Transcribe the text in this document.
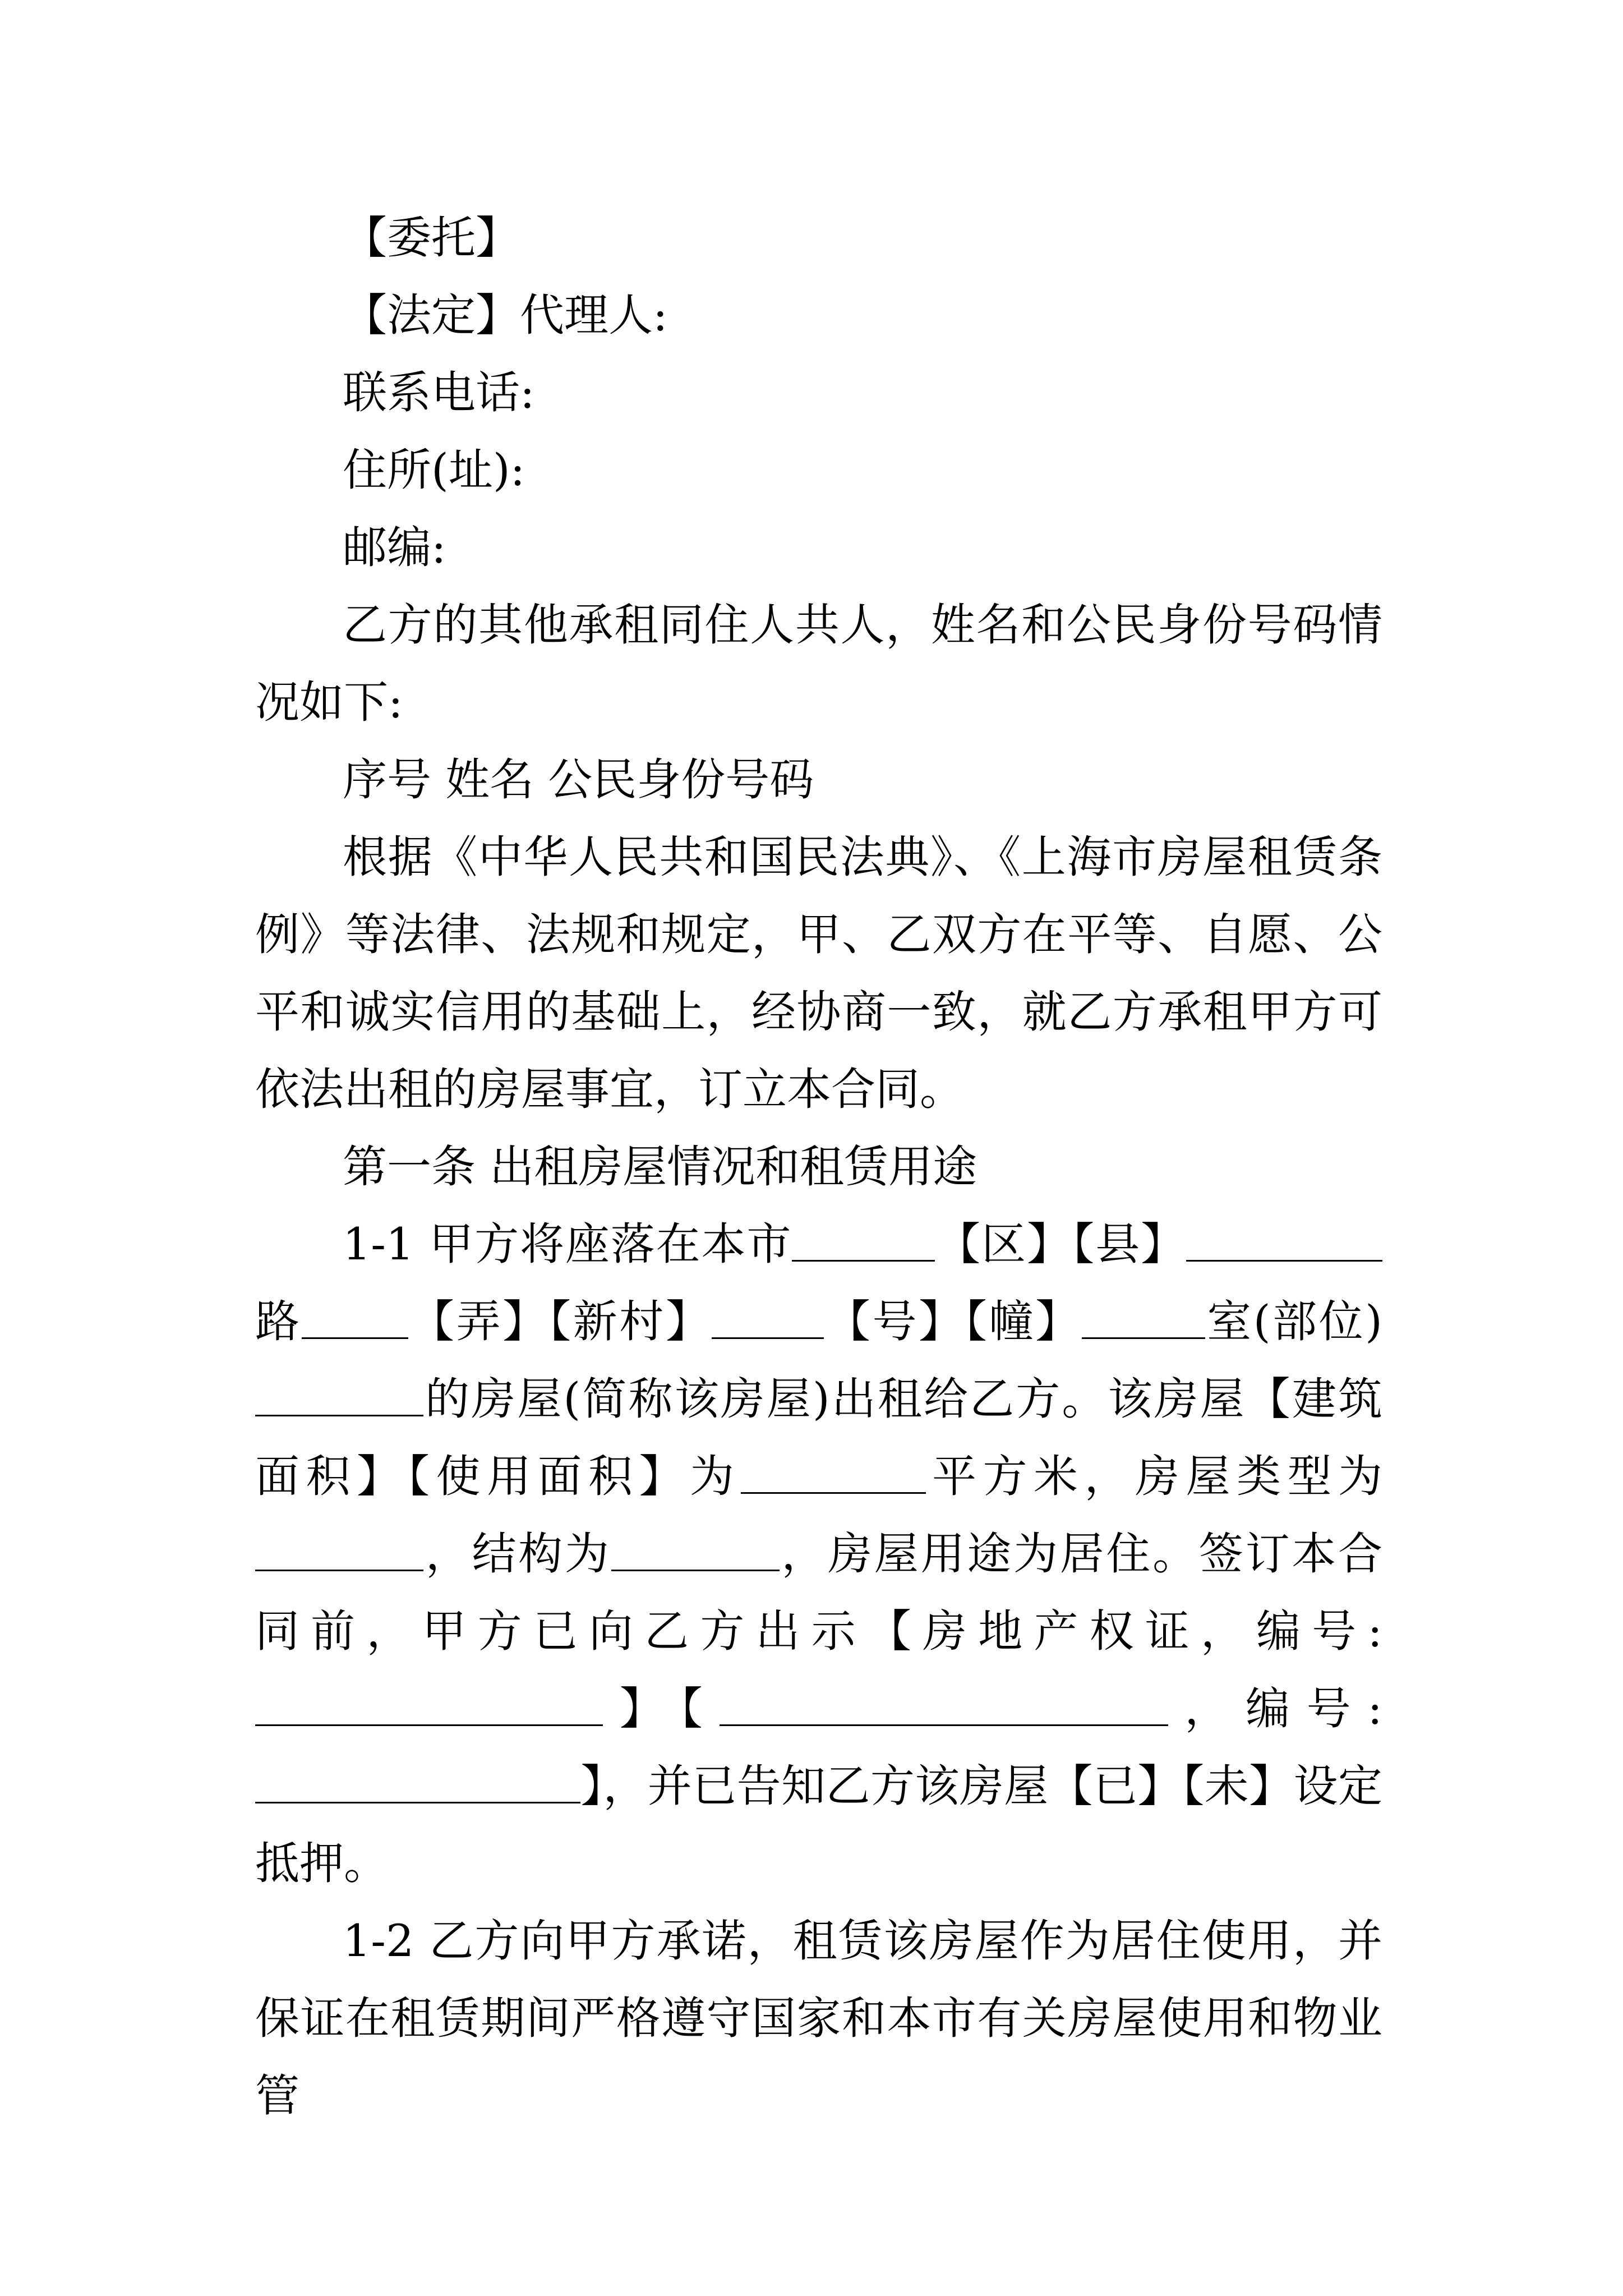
【委托】

【法定】代理人:

联系电话:

住所(址):

邮编:

乙方的其他承租同住人共人，姓名和公民身份号码情况如下:

序号 姓名 公民身份号码

根据《中华人民共和国民法典》、《上海市房屋租赁条例》等法律、法规和规定，甲、乙双方在平等、自愿、公平和诚实信用的基础上，经协商一致，就乙方承租甲方可依法出租的房屋事宜，订立本合同。

第一条 出租房屋情况和租赁用途

1-1 甲方将座落在本市	【区】【县】路 【弄】【新村】	【号】【幢】	室(部位)的房屋(简称该房屋)出租给乙方。该房屋【建筑面积】【使用面积】为	平方米，房屋类型为，结构为	，房屋用途为居住。签订本合同前，甲方已向乙方出示【房地产权证，编号:】【	，编号:】，并已告知乙方该房屋【已】【未】设定抵押。

1-2 乙方向甲方承诺，租赁该房屋作为居住使用，并保证在租赁期间严格遵守国家和本市有关房屋使用和物业管
